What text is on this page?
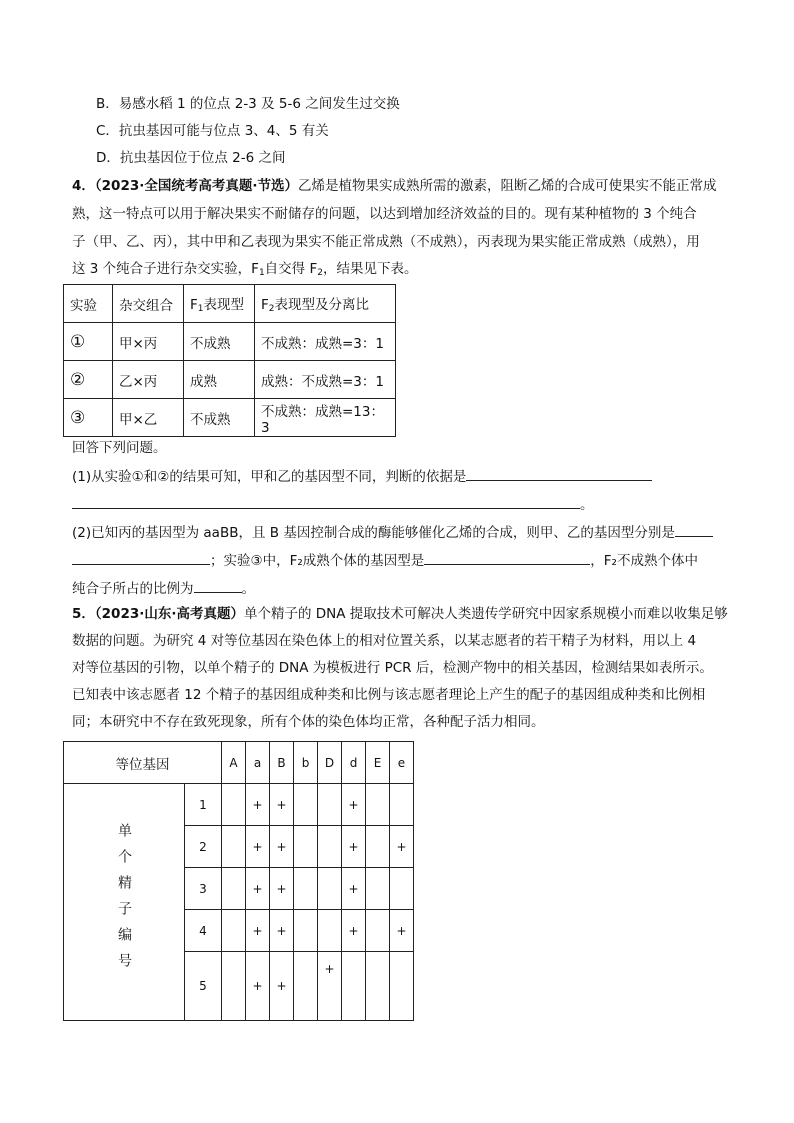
B．易感水稻 1 的位点 2-3 及 5-6 之间发生过交换
C．抗虫基因可能与位点 3、4、5 有关
D．抗虫基因位于位点 2-6 之间
4．（2023·全国统考高考真题·节选）乙烯是植物果实成熟所需的激素，阻断乙烯的合成可使果实不能正常成
熟，这一特点可以用于解决果实不耐储存的问题，以达到增加经济效益的目的。现有某种植物的 3 个纯合
子（甲、乙、丙），其中甲和乙表现为果实不能正常成熟（不成熟），丙表现为果实能正常成熟（成熟），用
这 3 个纯合子进行杂交实验，$F_1$自交得 $F_2$，结果见下表。
实验	杂交组合	$F_1$表现型	$F_2$表现型及分离比
①	甲×丙	不成熟	不成熟：成熟=3：1
②	乙×丙	成熟	成熟：不成熟=3：1
③	甲×乙	不成熟	不成熟：成熟=13：3
回答下列问题。
(1)从实验①和②的结果可知，甲和乙的基因型不同，判断的依据是
。
(2)已知丙的基因型为 aaBB，且 B 基因控制合成的酶能够催化乙烯的合成，则甲、乙的基因型分别是
；实验③中，F₂成熟个体的基因型是	，F₂不成熟个体中
纯合子所占的比例为	。
5．（2023·山东·高考真题）单个精子的 DNA 提取技术可解决人类遗传学研究中因家系规模小而难以收集足够
数据的问题。为研究 4 对等位基因在染色体上的相对位置关系，以某志愿者的若干精子为材料，用以上 4
对等位基因的引物，以单个精子的 DNA 为模板进行 PCR 后，检测产物中的相关基因，检测结果如表所示。
已知表中该志愿者 12 个精子的基因组成种类和比例与该志愿者理论上产生的配子的基因组成种类和比例相
同；本研究中不存在致死现象，所有个体的染色体均正常，各种配子活力相同。
等位基因		A	a	B	b	D	d	E	e
单个精子编号	1		+	+			+		
	2		+	+			+		+
	3		+	+			+		
	4		+	+			+		+
	5		+	+		+			
